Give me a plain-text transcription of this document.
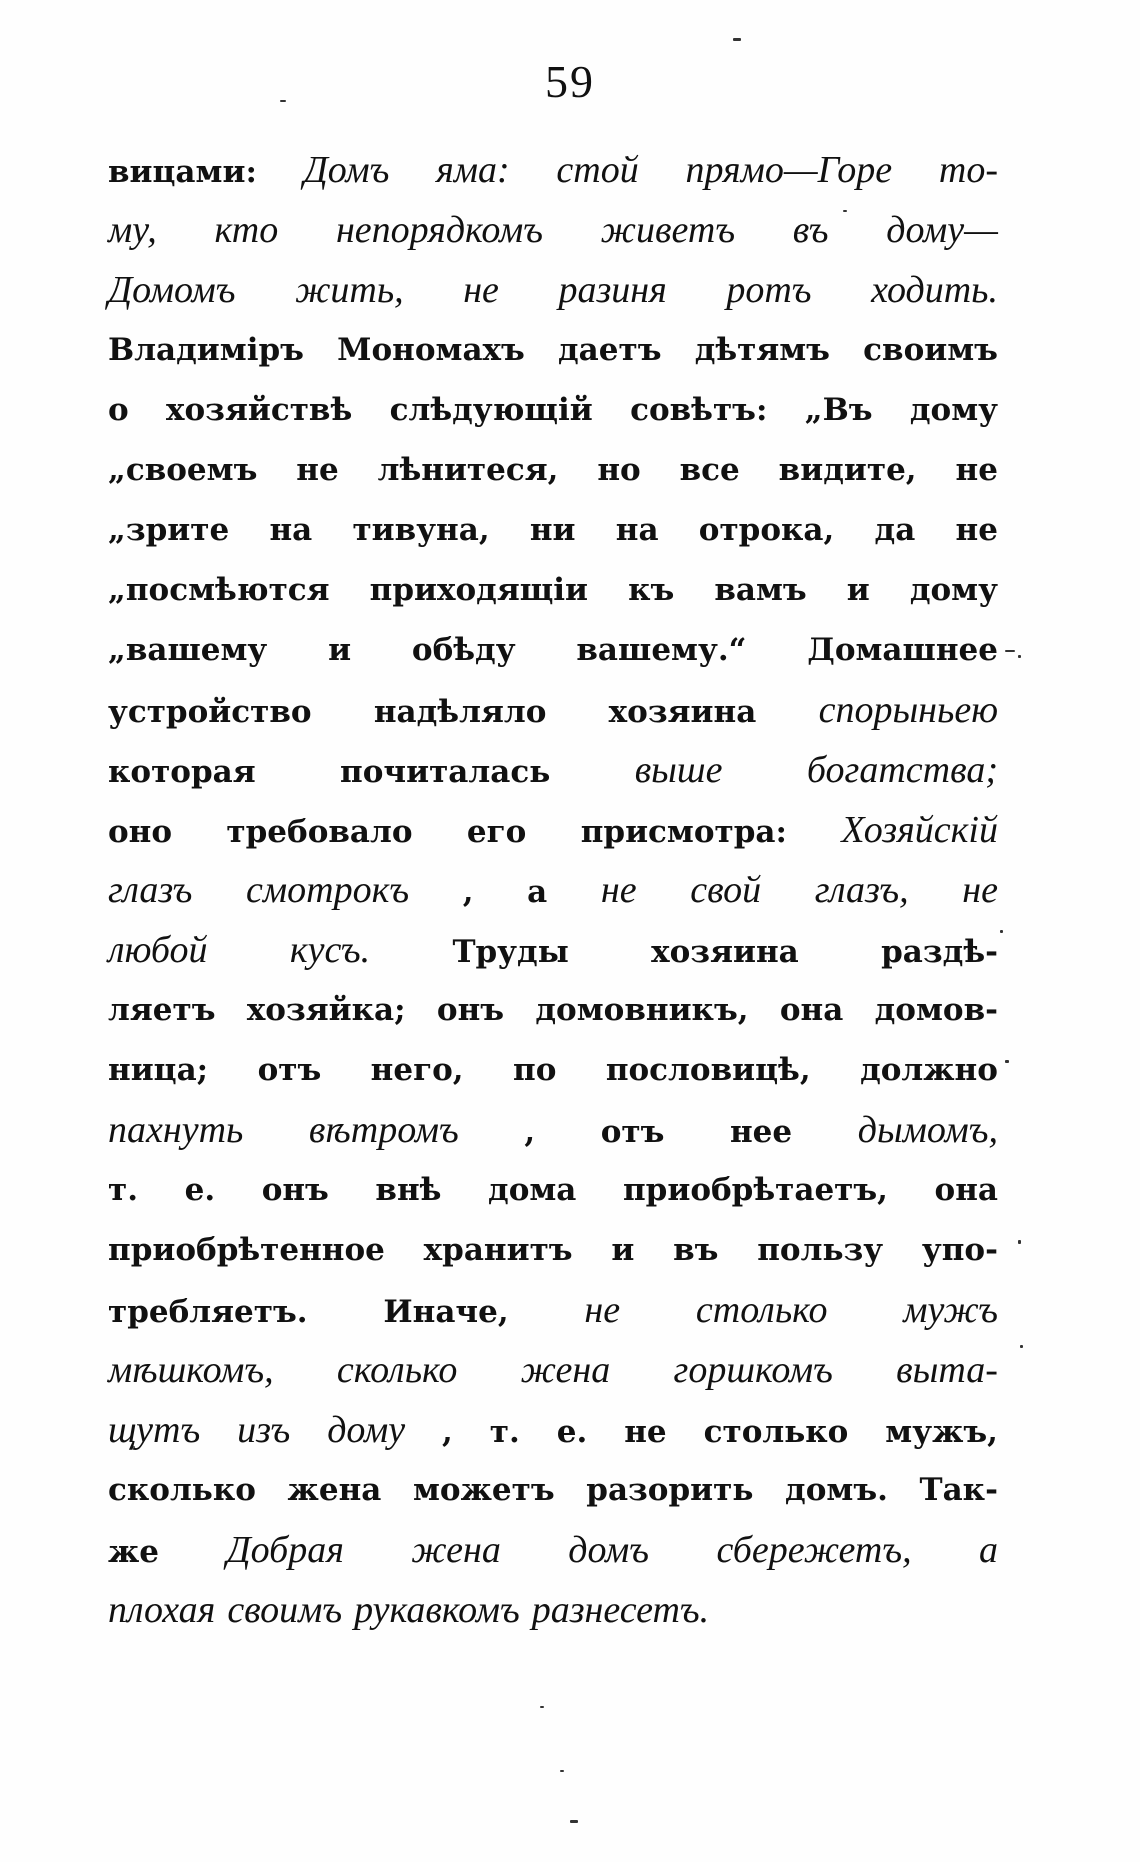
59
вицами: Домъ яма: стой прямо—Горе то-
му, кто непорядкомъ живетъ въ дому—
Домомъ жить, не разиня ротъ ходить.
Владиміръ Мономахъ даетъ дѣтямъ своимъ
о хозяйствѣ слѣдующій совѣтъ: „Въ дому
„своемъ не лѣнитеся, но все видите, не
„зрите на тивуна, ни на отрока, да не
„посмѣются приходящіи къ вамъ и дому
„вашему и обѣду вашему.“ Домашнее
устройство надѣляло хозяина спорыньею
которая	почиталась выше богатства;
оно требовало его присмотра: Хозяйскій
глазъ смотрокъ , а не свой глазъ, не
любой кусъ.	Труды	хозяина	раздѣ-
ляетъ хозяйка; онъ домовникъ, она домов-
ница; отъ него, по пословицѣ, должно
пахнуть вѣтромъ , отъ нее дымомъ,
т. е. онъ внѣ дома приобрѣтаетъ, она
приобрѣтенное хранитъ и въ пользу упо-
требляетъ. Иначе, не столько мужъ
мѣшкомъ, сколько жена горшкомъ выта-
щутъ изъ дому , т. е. не столько мужъ,
сколько жена можетъ разорить домъ. Так-
же Добрая жена домъ сбережетъ, а
плохая своимъ рукавкомъ разнесетъ.
